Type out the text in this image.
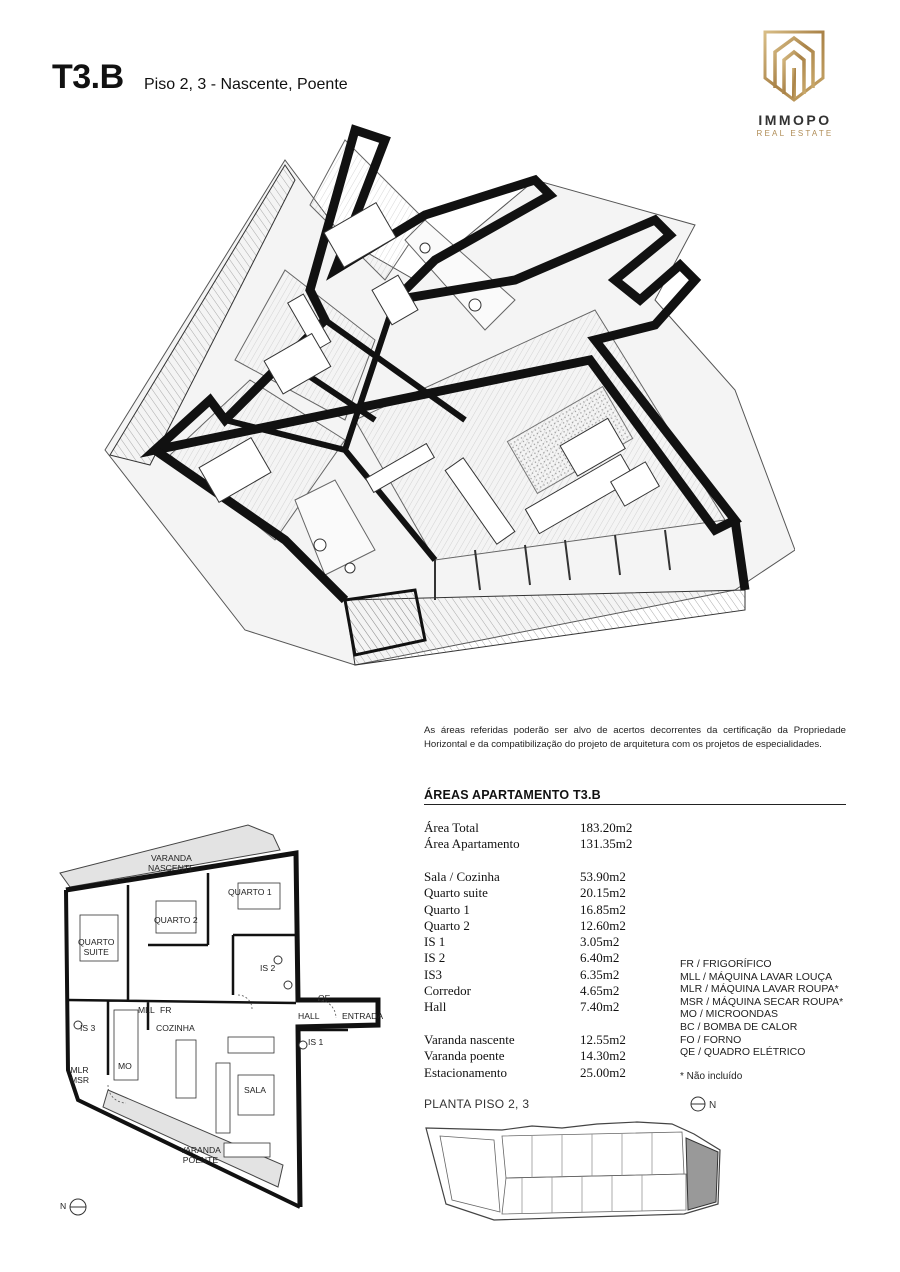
T3.B Piso 2, 3 - Nascente, Poente
IMMOPO
REAL ESTATE
As áreas referidas poderão ser alvo de acertos decorrentes da certificação da Propriedade Horizontal e da compatibilização do projeto de arquitetura com os projetos de especialidades.
ÁREAS APARTAMENTO T3.B
Área Total	183.20m2
Área Apartamento	131.35m2
Sala / Cozinha	53.90m2
Quarto suite	20.15m2
Quarto 1	16.85m2
Quarto 2	12.60m2
IS 1	3.05m2
IS 2	6.40m2
IS3	6.35m2
Corredor	4.65m2
Hall	7.40m2
Varanda nascente	12.55m2
Varanda poente	14.30m2
Estacionamento	25.00m2
FR / FRIGORÍFICO
MLL / MÁQUINA LAVAR LOUÇA
MLR / MÁQUINA LAVAR ROUPA*
MSR / MÁQUINA SECAR ROUPA*
MO / MICROONDAS
BC / BOMBA DE CALOR
FO / FORNO
QE / QUADRO ELÉTRICO
* Não incluído
PLANTA PISO 2, 3	N
N
VARANDA
NASCENTE
QUARTO 1
QUARTO 2
QUARTO
SUITE
IS 2
IS 3
MLL FR
QE
HALL	ENTRADA
COZINHA
MO
IS 1
MLR
MSR
SALA
VARANDA
POENTE
